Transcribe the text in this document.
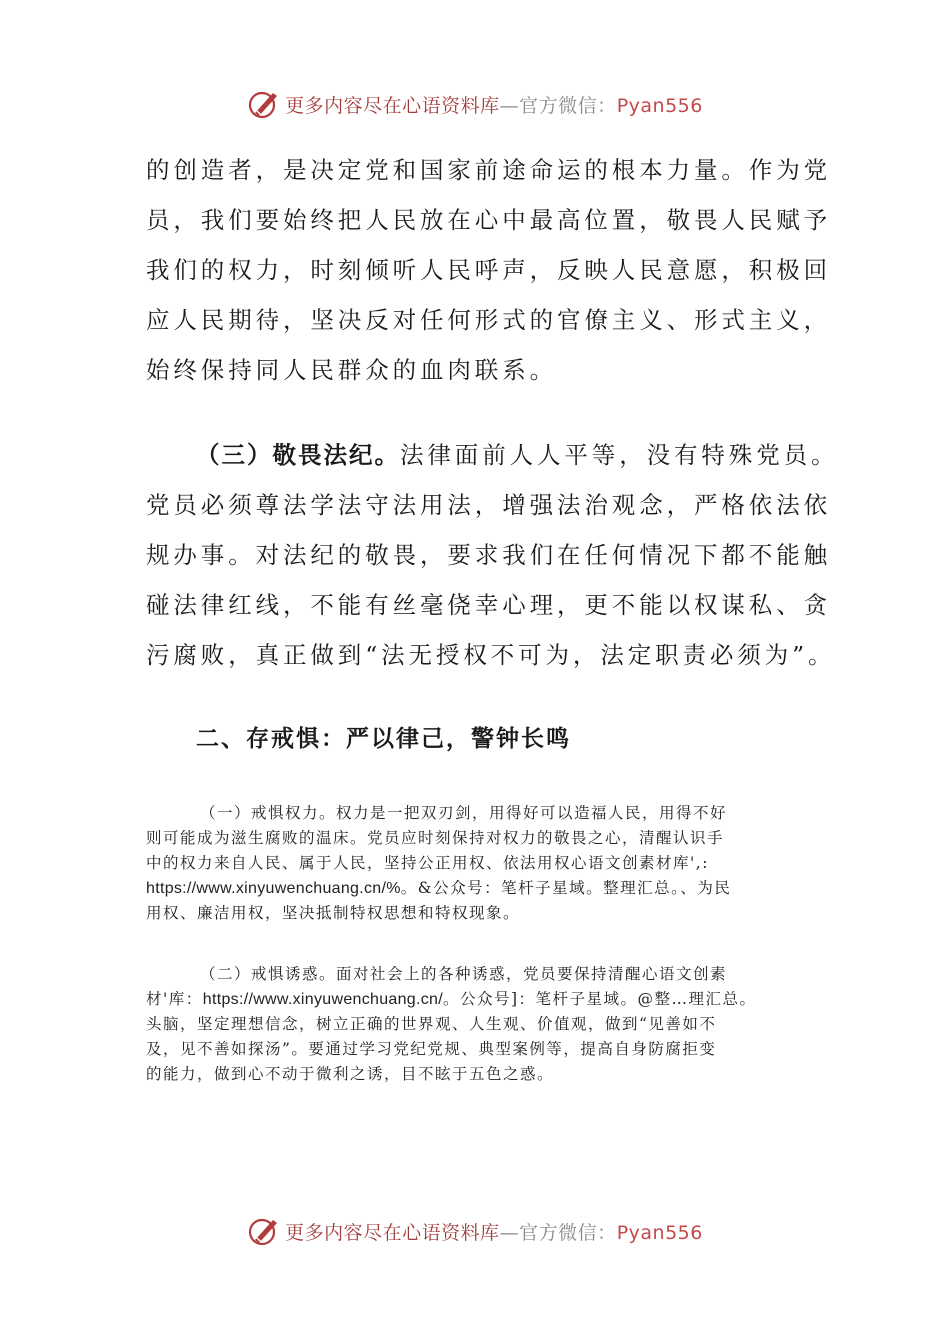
更多内容尽在心语资料库—官方微信：Pyan556
的创造者，是决定党和国家前途命运的根本力量。作为党
员，我们要始终把人民放在心中最高位置，敬畏人民赋予
我们的权力，时刻倾听人民呼声，反映人民意愿，积极回
应人民期待，坚决反对任何形式的官僚主义、形式主义，
始终保持同人民群众的血肉联系。
（三）敬畏法纪。法律面前人人平等，没有特殊党员。
党员必须尊法学法守法用法，增强法治观念，严格依法依
规办事。对法纪的敬畏，要求我们在任何情况下都不能触
碰法律红线，不能有丝毫侥幸心理，更不能以权谋私、贪
污腐败，真正做到“法无授权不可为，法定职责必须为”。
二、存戒惧：严以律己，警钟长鸣
（一）戒惧权力。权力是一把双刃剑，用得好可以造福人民，用得不好
则可能成为滋生腐败的温床。党员应时刻保持对权力的敬畏之心，清醒认识手
中的权力来自人民、属于人民，坚持公正用权、依法用权心语文创素材库',:
https://www.xinyuwenchuang.cn/%。&公众号：笔杆子星域。整理汇总。、为民
用权、廉洁用权，坚决抵制特权思想和特权现象。
（二）戒惧诱惑。面对社会上的各种诱惑，党员要保持清醒心语文创素
材'库：https://www.xinyuwenchuang.cn/。公众号]：笔杆子星域。@整…理汇总。
头脑，坚定理想信念，树立正确的世界观、人生观、价值观，做到“见善如不
及，见不善如探汤”。要通过学习党纪党规、典型案例等，提高自身防腐拒变
的能力，做到心不动于微利之诱，目不眩于五色之惑。
更多内容尽在心语资料库—官方微信：Pyan556
